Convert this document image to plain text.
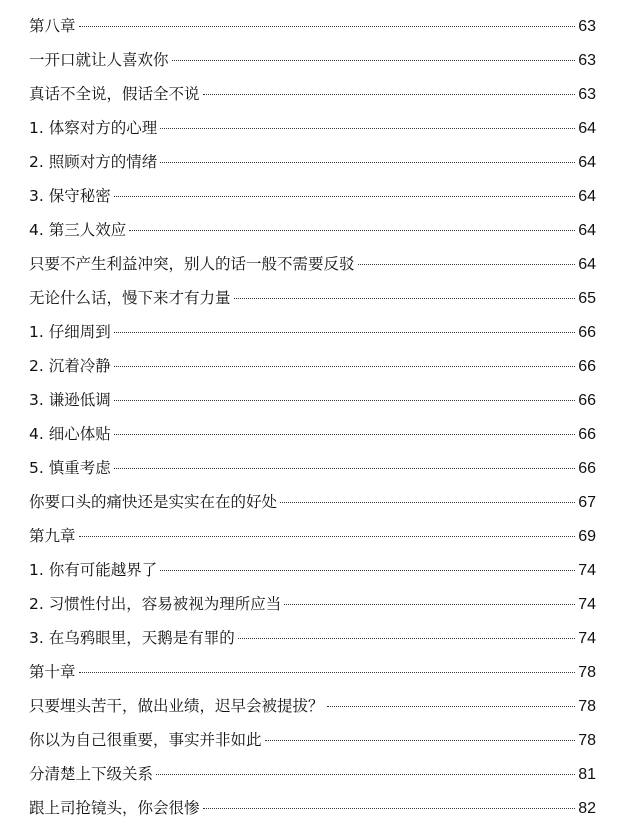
第八章	63
一开口就让人喜欢你	63
真话不全说，假话全不说	63
1. 体察对方的心理	64
2. 照顾对方的情绪	64
3. 保守秘密	64
4. 第三人效应	64
只要不产生利益冲突，别人的话一般不需要反驳	64
无论什么话，慢下来才有力量	65
1. 仔细周到	66
2. 沉着冷静	66
3. 谦逊低调	66
4. 细心体贴	66
5. 慎重考虑	66
你要口头的痛快还是实实在在的好处	67
第九章	69
1. 你有可能越界了	74
2. 习惯性付出，容易被视为理所应当	74
3. 在乌鸦眼里，天鹅是有罪的	74
第十章	78
只要埋头苦干，做出业绩，迟早会被提拔？	78
你以为自己很重要，事实并非如此	78
分清楚上下级关系	81
跟上司抢镜头，你会很惨	82
